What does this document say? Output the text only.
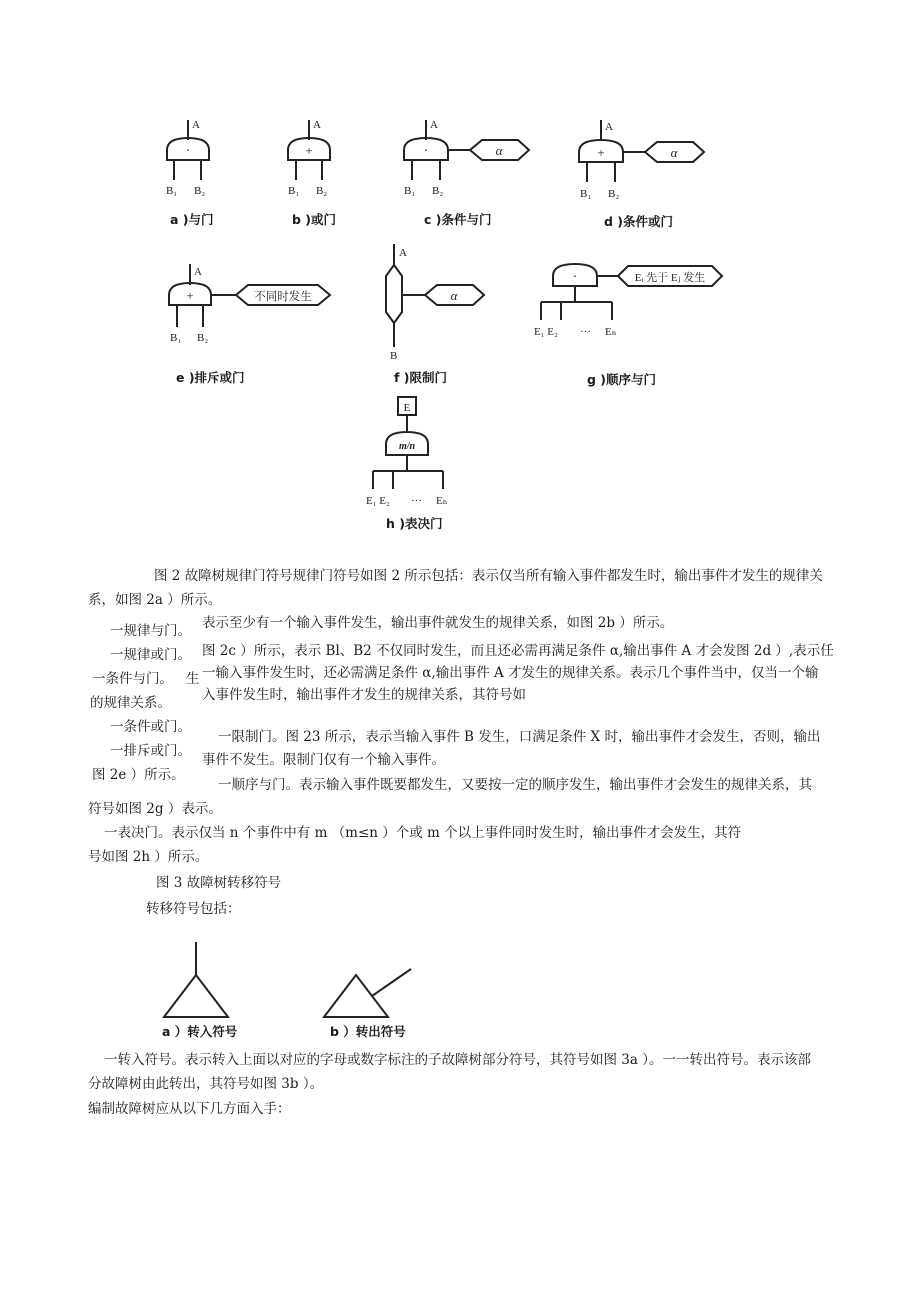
·
A
B₁ B₂
+
A
B₁ B₂
·	α
A
B₁ B₂
+	α
A
B₁ B₂
+	不同时发生
A
B₁ B₂
α
A
B
·	Eᵢ 先于 Eⱼ 发生
E₁ E₂ ··· Eₙ
E
m/n
E₁ E₂ ··· Eₙ
a )与门	b )或门	c )条件与门	d )条件或门
e )排斥或门	f )限制门	g )顺序与门
h )表决门
图 2 故障树规律门符号规律门符号如图 2 所示包括：表示仅当所有输入事件都发生时，输出事件才发生的规律关
系，如图 2a ）所示。
一规律与门。
一规律或门。
一条件与门。 生
的规律关系。
一条件或门。
一排斥或门。
图 2e ）所示。
表示至少有一个输入事件发生，输出事件就发生的规律关系，如图 2b ）所示。
图 2c ）所示，表示 Bl、B2 不仅同时发生，而且还必需再满足条件 α,输出事件 A 才会发图 2d ）,表示任
一输入事件发生时，还必需满足条件 α,输出事件 A 才发生的规律关系。表示几个事件当中，仅当一个输
入事件发生时，输出事件才发生的规律关系，其符号如
一限制门。图 23 所示，表示当输入事件 B 发生，口满足条件 X 时，输出事件才会发生，否则，输出
事件不发生。限制门仅有一个输入事件。
一顺序与门。表示输入事件既要都发生，又要按一定的顺序发生，输出事件才会发生的规律关系，其
符号如图 2g ）表示。
一表决门。表示仅当 n 个事件中有 m （m≤n ）个或 m 个以上事件同时发生时，输出事件才会发生，其符
号如图 2h ）所示。
图 3 故障树转移符号
转移符号包括：
a ）转入符号	b ）转出符号
一转入符号。表示转入上面以对应的字母或数字标注的子故障树部分符号，其符号如图 3a ）。一一转出符号。表示该部
分故障树由此转出，其符号如图 3b ）。
编制故障树应从以下几方面入手：
